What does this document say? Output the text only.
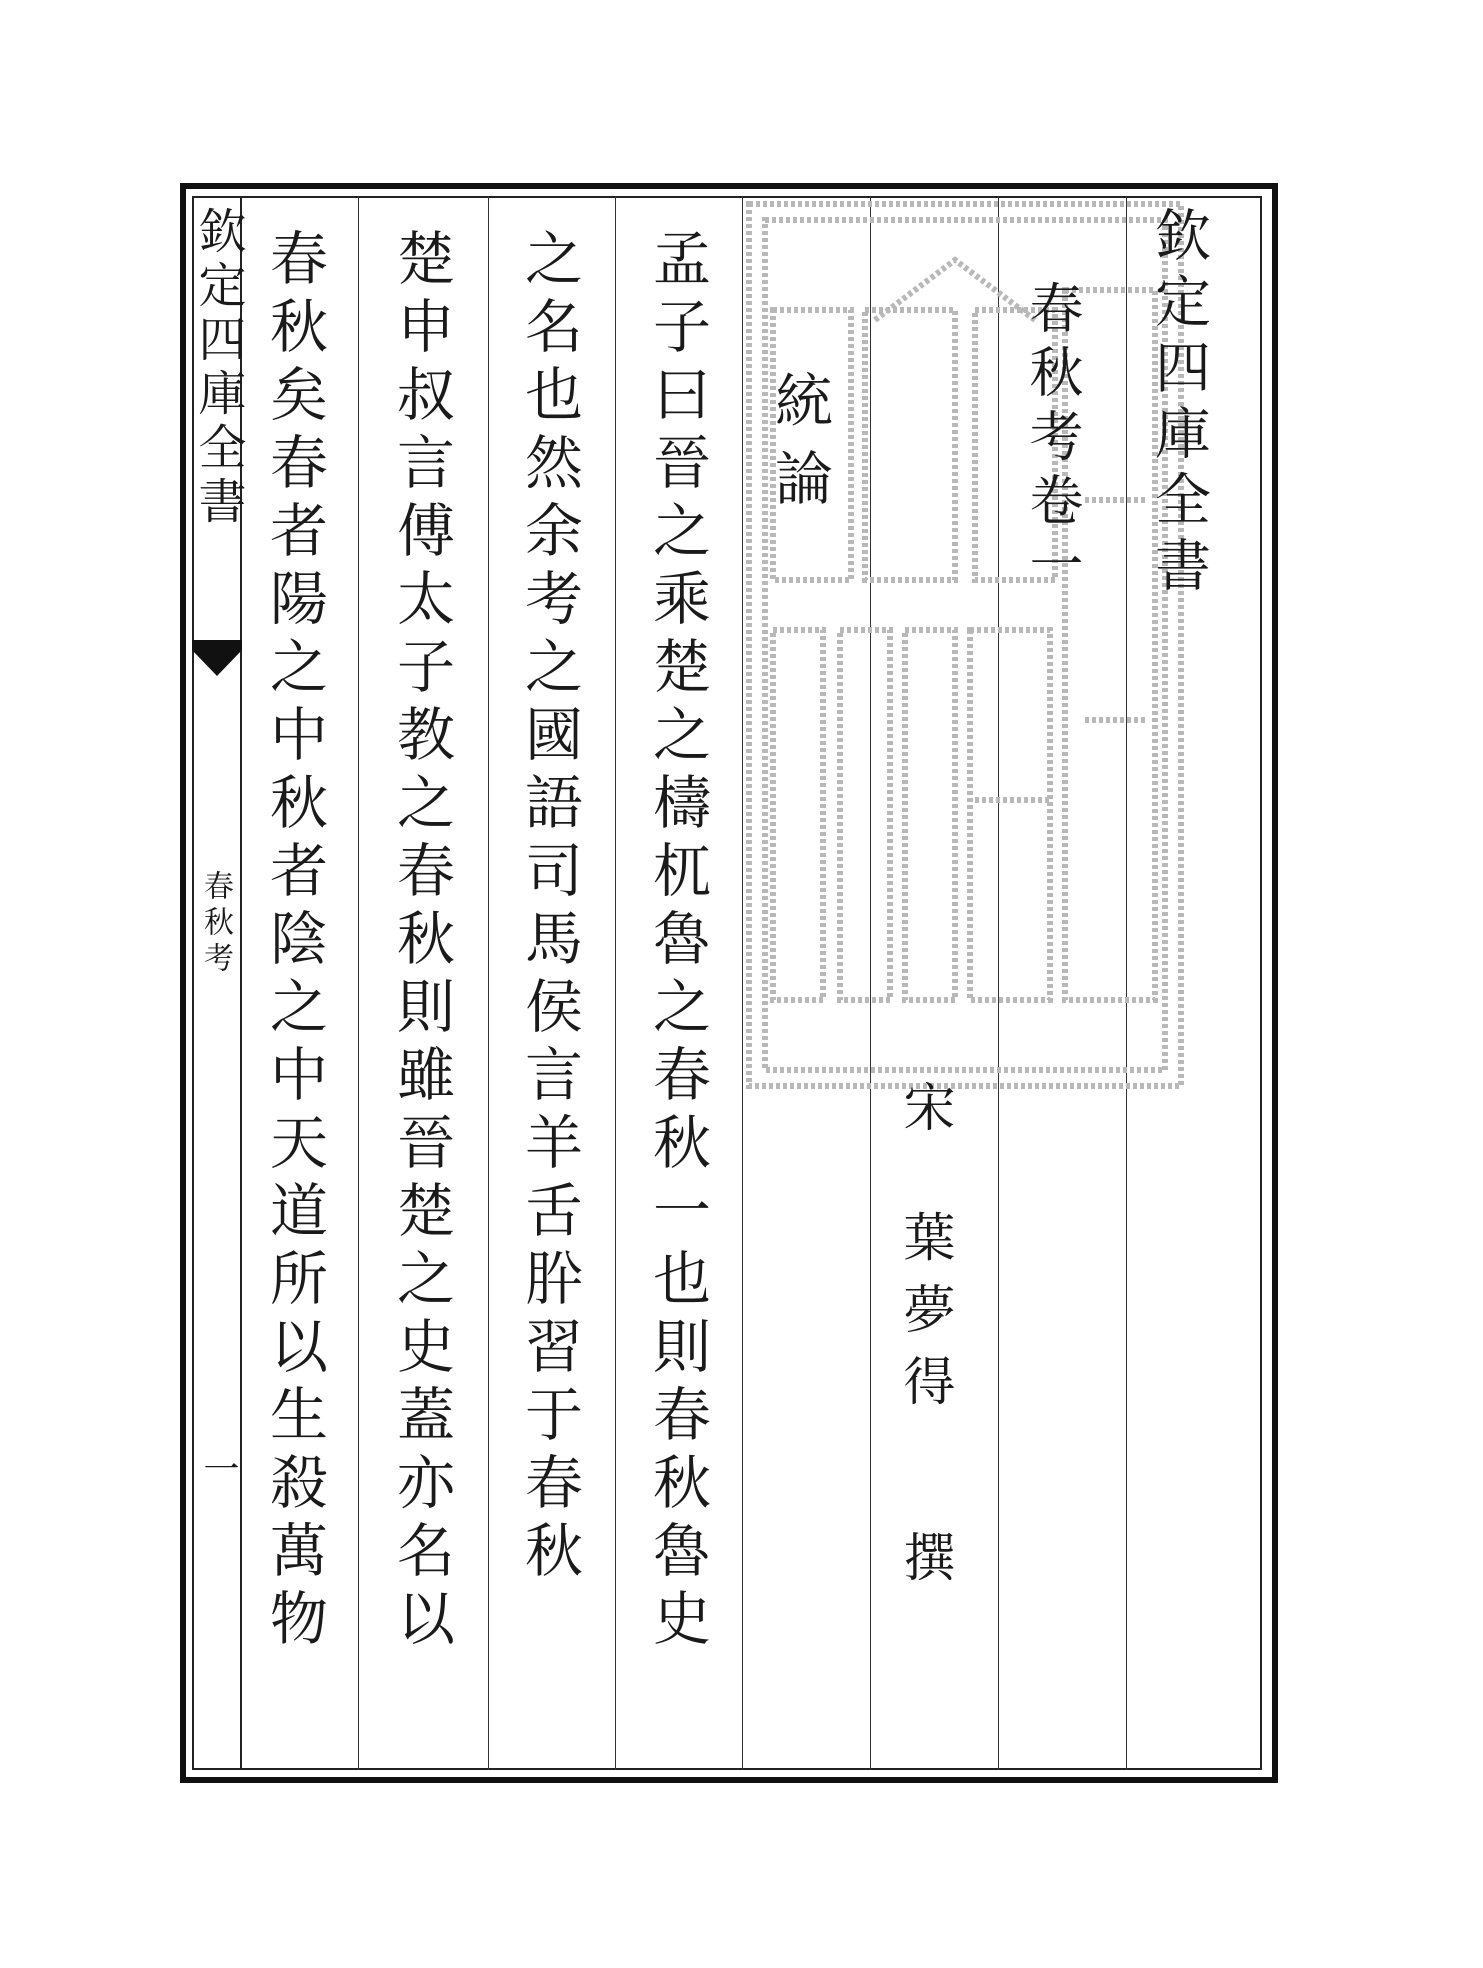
欽定四庫全書
春秋考
一
欽定四庫全書
春秋考卷一
宋
葉夢得
撰
統論
孟子曰晉之乘楚之檮杌魯之春秋一也則春秋魯史
之名也然余考之國語司馬侯言羊舌肸習于春秋
楚申叔言傅太子教之春秋則雖晉楚之史蓋亦名以
春秋矣春者陽之中秋者陰之中天道所以生殺萬物
